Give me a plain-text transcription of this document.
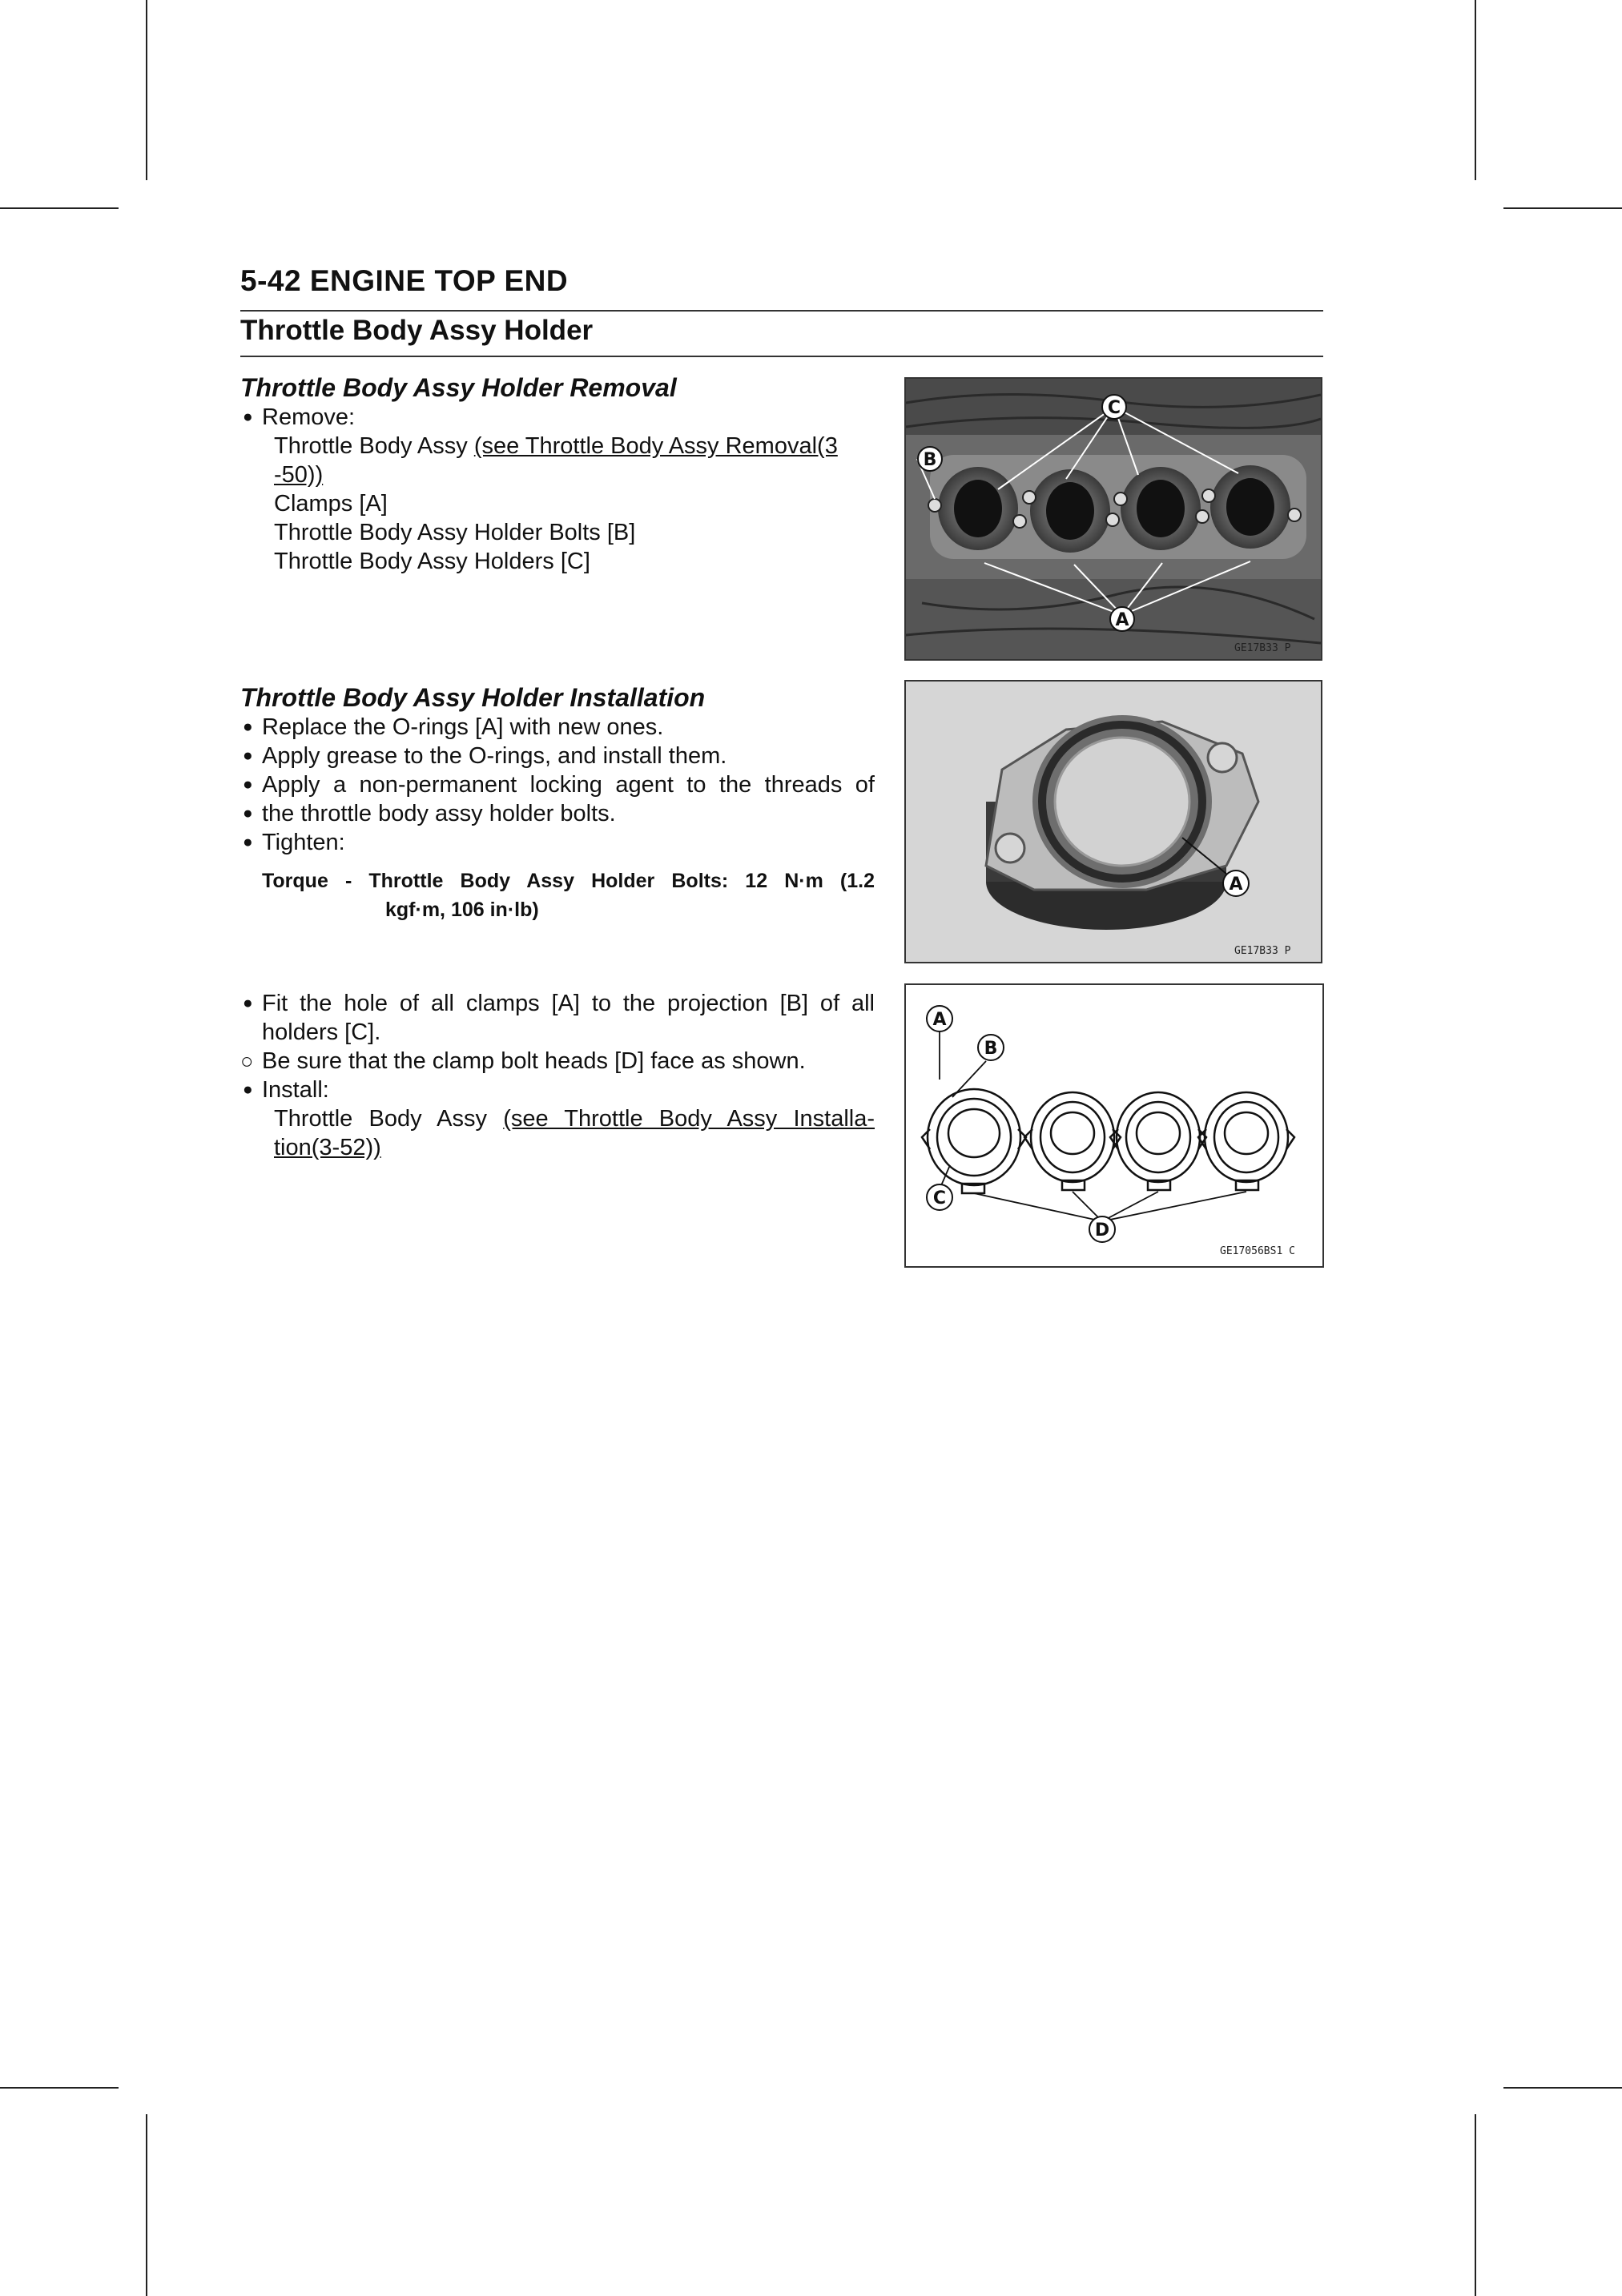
5-42 ENGINE TOP END
Throttle Body Assy Holder
Throttle Body Assy Holder Removal
● Remove:
Throttle Body Assy (see Throttle Body Assy Removal(3
-50))
Clamps [A]
Throttle Body Assy Holder Bolts [B]
Throttle Body Assy Holders [C]
Throttle Body Assy Holder Installation
● Replace the O-rings [A] with new ones.
● Apply grease to the O-rings, and install them.
● Apply a non-permanent locking agent to the threads of
● the throttle body assy holder bolts.
● Tighten:
Torque - Throttle Body Assy Holder Bolts: 12 N·m (1.2
kgf·m, 106 in·lb)
● Fit the hole of all clamps [A] to the projection [B] of all
holders [C].
○ Be sure that the clamp bolt heads [D] face as shown.
● Install:
Throttle Body Assy (see Throttle Body Assy Installa-
tion(3-52))
C
B
A
GE17B33 P
A
GE17B33 P
A
B
C
D
GE17056BS1 C
